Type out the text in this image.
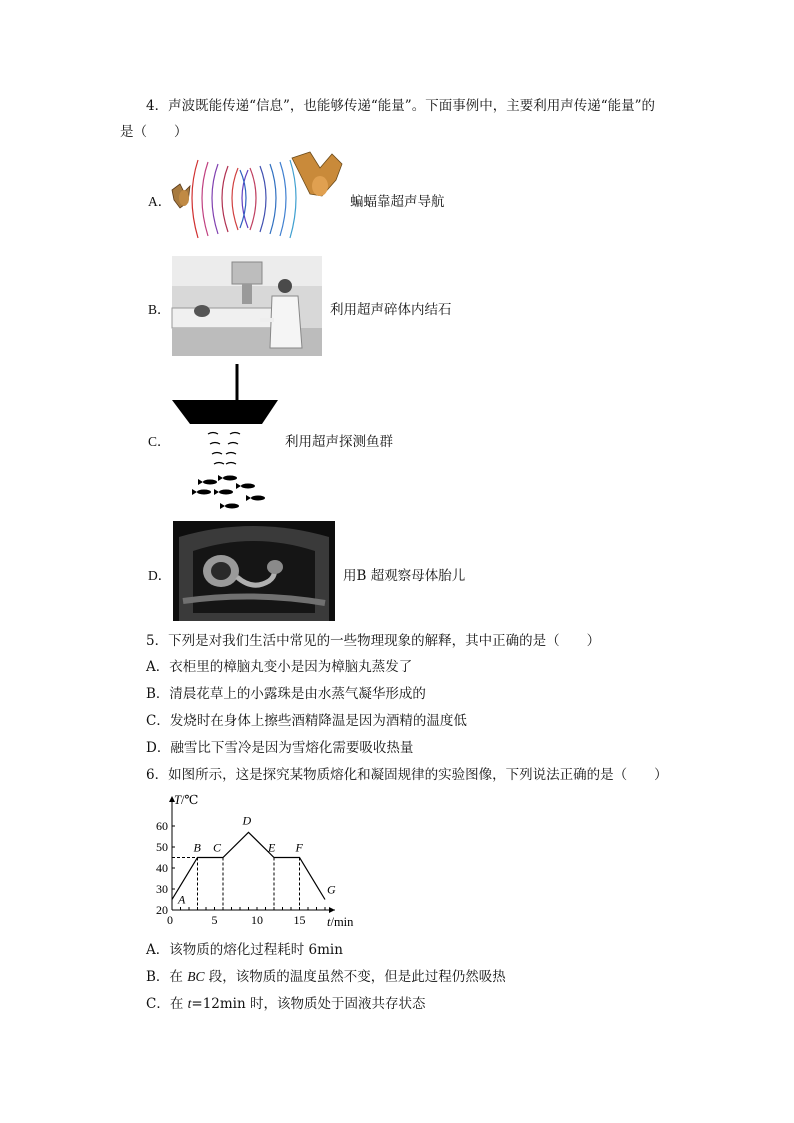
4．声波既能传递“信息”，也能够传递“能量”。下面事例中，主要利用声传递“能量”的
是（　　）
A．	蝙蝠靠超声导航
B．	利用超声碎体内结石
C．	利用超声探测鱼群
D．	用B 超观察母体胎儿
5．下列是对我们生活中常见的一些物理现象的解释，其中正确的是（　　）
A．衣柜里的樟脑丸变小是因为樟脑丸蒸发了
B．清晨花草上的小露珠是由水蒸气凝华形成的
C．发烧时在身体上擦些酒精降温是因为酒精的温度低
D．融雪比下雪冷是因为雪熔化需要吸收热量
6．如图所示，这是探究某物质熔化和凝固规律的实验图像，下列说法正确的是（　　）
20
30
40
50
60
0	5	10	15
T/℃
t/min
A
B C
D
E F
G
A．该物质的熔化过程耗时 6min
B．在 BC 段，该物质的温度虽然不变，但是此过程仍然吸热
C．在 t=12min 时，该物质处于固液共存状态
